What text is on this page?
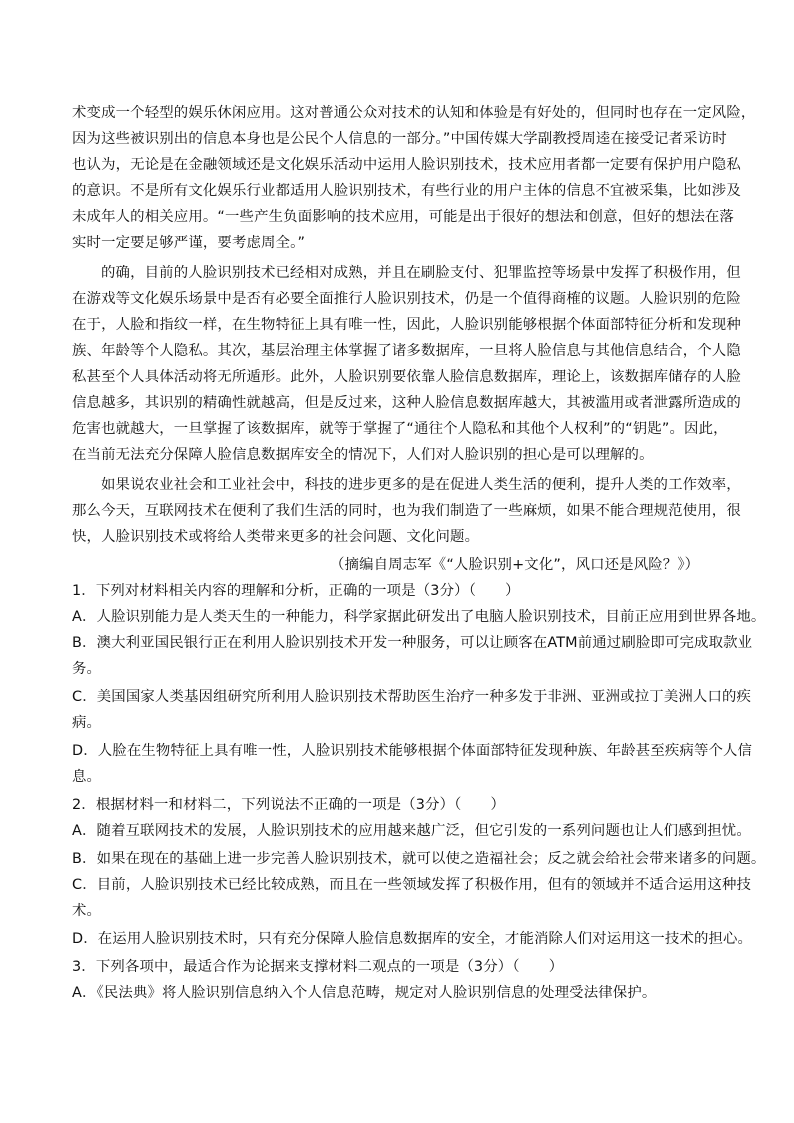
术变成一个轻型的娱乐休闲应用。这对普通公众对技术的认知和体验是有好处的，但同时也存在一定风险，
因为这些被识别出的信息本身也是公民个人信息的一部分。”中国传媒大学副教授周逵在接受记者采访时
也认为，无论是在金融领域还是文化娱乐活动中运用人脸识别技术，技术应用者都一定要有保护用户隐私
的意识。不是所有文化娱乐行业都适用人脸识别技术，有些行业的用户主体的信息不宜被采集，比如涉及
未成年人的相关应用。“一些产生负面影响的技术应用，可能是出于很好的想法和创意，但好的想法在落
实时一定要足够严谨，要考虑周全。”
的确，目前的人脸识别技术已经相对成熟，并且在刷脸支付、犯罪监控等场景中发挥了积极作用，但
在游戏等文化娱乐场景中是否有必要全面推行人脸识别技术，仍是一个值得商榷的议题。人脸识别的危险
在于，人脸和指纹一样，在生物特征上具有唯一性，因此，人脸识别能够根据个体面部特征分析和发现种
族、年龄等个人隐私。其次，基层治理主体掌握了诸多数据库，一旦将人脸信息与其他信息结合，个人隐
私甚至个人具体活动将无所遁形。此外，人脸识别要依靠人脸信息数据库，理论上，该数据库储存的人脸
信息越多，其识别的精确性就越高，但是反过来，这种人脸信息数据库越大，其被滥用或者泄露所造成的
危害也就越大，一旦掌握了该数据库，就等于掌握了“通往个人隐私和其他个人权利”的“钥匙”。因此，
在当前无法充分保障人脸信息数据库安全的情况下，人们对人脸识别的担心是可以理解的。
如果说农业社会和工业社会中，科技的进步更多的是在促进人类生活的便利，提升人类的工作效率，
那么今天，互联网技术在便利了我们生活的同时，也为我们制造了一些麻烦，如果不能合理规范使用，很
快，人脸识别技术或将给人类带来更多的社会问题、文化问题。
（摘编自周志军《“人脸识别+文化”，风口还是风险？》）
1．下列对材料相关内容的理解和分析，正确的一项是（3分）（　　）
A．人脸识别能力是人类天生的一种能力，科学家据此研发出了电脑人脸识别技术，目前正应用到世界各地。
B．澳大利亚国民银行正在利用人脸识别技术开发一种服务，可以让顾客在ATM前通过刷脸即可完成取款业
务。
C．美国国家人类基因组研究所利用人脸识别技术帮助医生治疗一种多发于非洲、亚洲或拉丁美洲人口的疾
病。
D．人脸在生物特征上具有唯一性，人脸识别技术能够根据个体面部特征发现种族、年龄甚至疾病等个人信
息。
2．根据材料一和材料二，下列说法不正确的一项是（3分）（　　）
A．随着互联网技术的发展，人脸识别技术的应用越来越广泛，但它引发的一系列问题也让人们感到担忧。
B．如果在现在的基础上进一步完善人脸识别技术，就可以使之造福社会；反之就会给社会带来诸多的问题。
C．目前，人脸识别技术已经比较成熟，而且在一些领域发挥了积极作用，但有的领域并不适合运用这种技
术。
D．在运用人脸识别技术时，只有充分保障人脸信息数据库的安全，才能消除人们对运用这一技术的担心。
3．下列各项中，最适合作为论据来支撑材料二观点的一项是（3分）（　　）
A．《民法典》将人脸识别信息纳入个人信息范畴，规定对人脸识别信息的处理受法律保护。
